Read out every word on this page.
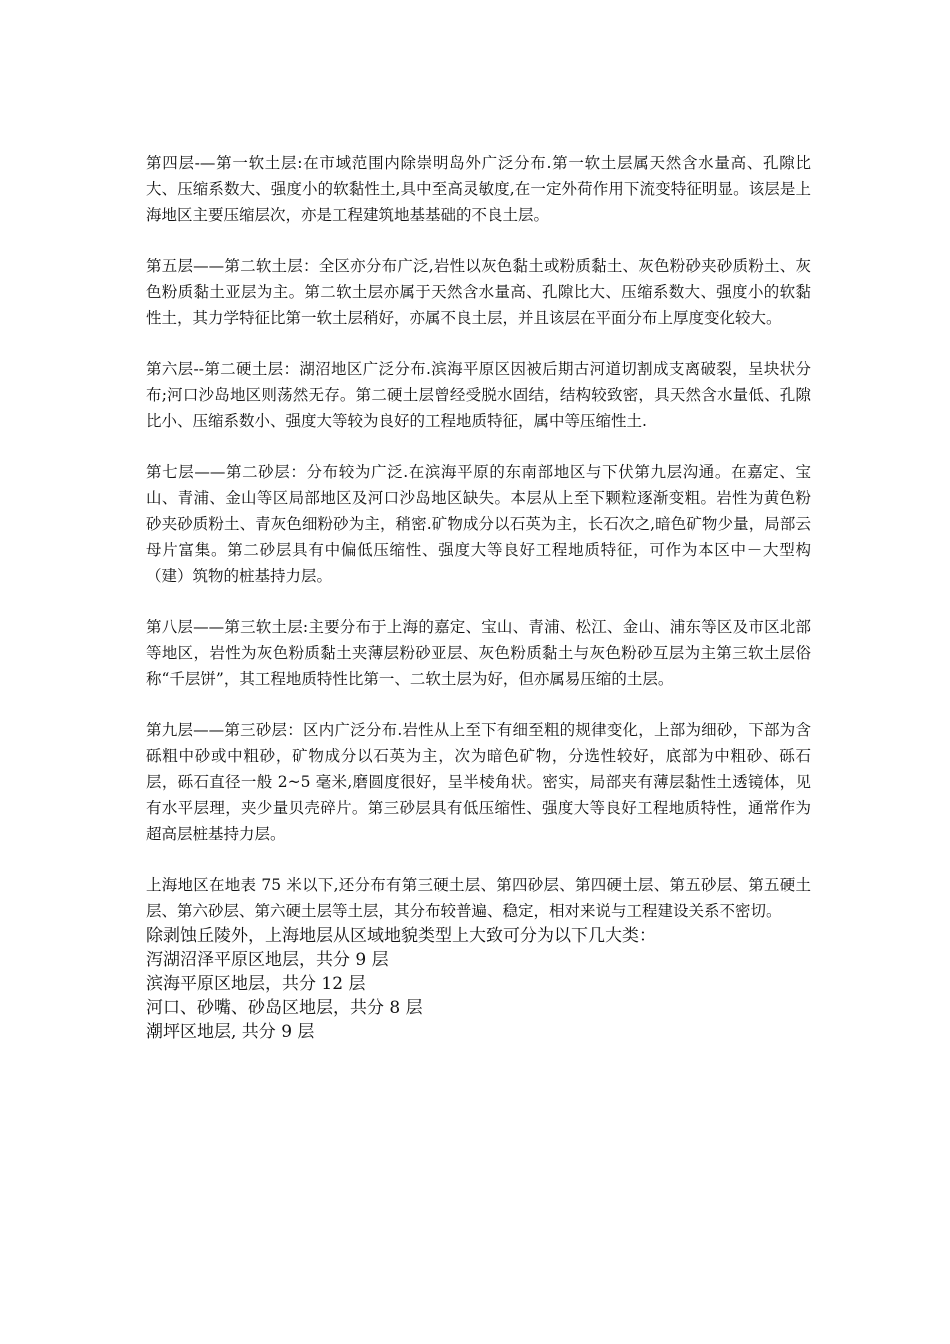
第四层-—第一软土层:在市域范围内除崇明岛外广泛分布.第一软土层属天然含水量高、孔隙比大、压缩系数大、强度小的软黏性土,具中至高灵敏度,在一定外荷作用下流变特征明显。该层是上海地区主要压缩层次，亦是工程建筑地基基础的不良土层。

第五层——第二软土层：全区亦分布广泛,岩性以灰色黏土或粉质黏土、灰色粉砂夹砂质粉土、灰色粉质黏土亚层为主。第二软土层亦属于天然含水量高、孔隙比大、压缩系数大、强度小的软黏性土，其力学特征比第一软土层稍好，亦属不良土层，并且该层在平面分布上厚度变化较大。

第六层--第二硬土层：湖沼地区广泛分布.滨海平原区因被后期古河道切割成支离破裂，呈块状分布;河口沙岛地区则荡然无存。第二硬土层曾经受脱水固结，结构较致密，具天然含水量低、孔隙比小、压缩系数小、强度大等较为良好的工程地质特征，属中等压缩性土.

第七层——第二砂层：分布较为广泛.在滨海平原的东南部地区与下伏第九层沟通。在嘉定、宝山、青浦、金山等区局部地区及河口沙岛地区缺失。本层从上至下颗粒逐渐变粗。岩性为黄色粉砂夹砂质粉土、青灰色细粉砂为主，稍密.矿物成分以石英为主，长石次之,暗色矿物少量，局部云母片富集。第二砂层具有中偏低压缩性、强度大等良好工程地质特征，可作为本区中－大型构（建）筑物的桩基持力层。

第八层——第三软土层:主要分布于上海的嘉定、宝山、青浦、松江、金山、浦东等区及市区北部等地区，岩性为灰色粉质黏土夹薄层粉砂亚层、灰色粉质黏土与灰色粉砂互层为主第三软土层俗称“千层饼”，其工程地质特性比第一、二软土层为好，但亦属易压缩的土层。

第九层——第三砂层：区内广泛分布.岩性从上至下有细至粗的规律变化，上部为细砂，下部为含砾粗中砂或中粗砂，矿物成分以石英为主，次为暗色矿物，分选性较好，底部为中粗砂、砾石层，砾石直径一般 2~5 毫米,磨圆度很好，呈半棱角状。密实，局部夹有薄层黏性土透镜体，见有水平层理，夹少量贝壳碎片。第三砂层具有低压缩性、强度大等良好工程地质特性，通常作为超高层桩基持力层。

上海地区在地表 75 米以下,还分布有第三硬土层、第四砂层、第四硬土层、第五砂层、第五硬土层、第六砂层、第六硬土层等土层，其分布较普遍、稳定，相对来说与工程建设关系不密切。

除剥蚀丘陵外，上海地层从区域地貌类型上大致可分为以下几大类：

泻湖沼泽平原区地层，共分 9 层

滨海平原区地层，共分 12 层

河口、砂嘴、砂岛区地层，共分 8 层

潮坪区地层, 共分 9 层
